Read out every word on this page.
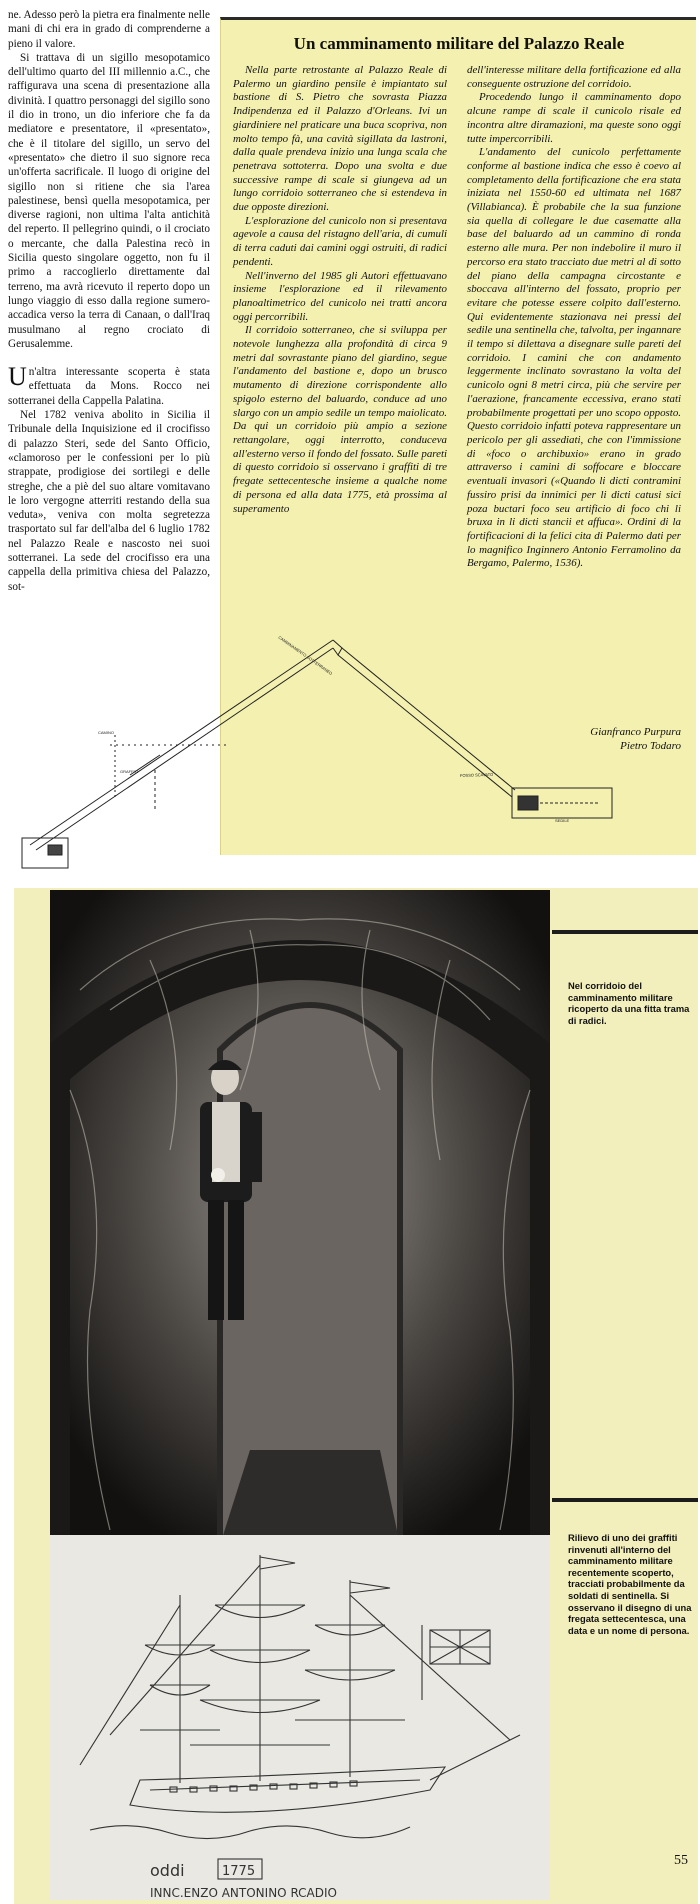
ne. Adesso però la pietra era finalmente nelle mani di chi era in grado di comprenderne a pieno il valore.

Si trattava di un sigillo mesopotamico dell'ultimo quarto del III millennio a.C., che raffigurava una scena di presentazione alla divinità. I quattro personaggi del sigillo sono il dio in trono, un dio inferiore che fa da mediatore e presentatore, il «presentato», che è il titolare del sigillo, un servo del «presentato» che dietro il suo signore reca un'offerta sacrificale. Il luogo di origine del sigillo non si ritiene che sia l'area palestinese, bensì quella mesopotamica, per diverse ragioni, non ultima l'alta antichità del reperto. Il pellegrino quindi, o il crociato o mercante, che dalla Palestina recò in Sicilia questo singolare oggetto, non fu il primo a raccoglierlo direttamente dal terreno, ma avrà ricevuto il reperto dopo un lungo viaggio di esso dalla regione sumero-accadica verso la terra di Canaan, o dall'Iraq musulmano al regno crociato di Gerusalemme.

Un'altra interessante scoperta è stata effettuata da Mons. Rocco nei sotterranei della Cappella Palatina.

Nel 1782 veniva abolito in Sicilia il Tribunale della Inquisizione ed il crocifisso di palazzo Steri, sede del Santo Officio, «clamoroso per le confessioni per lo più strappate, prodigiose dei sortilegi e delle streghe, che a piè del suo altare vomitavano le loro vergogne atterriti restando della sua veduta», veniva con molta segretezza trasportato sul far dell'alba del 6 luglio 1782 nel Palazzo Reale e nascosto nei suoi sotterranei. La sede del crocifisso era una cappella della primitiva chiesa del Palazzo, sot-

Un camminamento militare del Palazzo Reale

Nella parte retrostante al Palazzo Reale di Palermo un giardino pensile è impiantato sul bastione di S. Pietro che sovrasta Piazza Indipendenza ed il Palazzo d'Orleans. Ivi un giardiniere nel praticare una buca scoprìva, non molto tempo fà, una cavità sigillata da lastroni, dalla quale prendeva inizio una lunga scala che penetrava sottoterra. Dopo una svolta e due successive rampe di scale si giungeva ad un lungo corridoio sotterraneo che si estendeva in due opposte direzioni.

L'esplorazione del cunicolo non si presentava agevole a causa del ristagno dell'aria, di cumuli di terra caduti dai camini oggi ostruiti, di radici pendenti.

Nell'inverno del 1985 gli Autori effettuavano insieme l'esplorazione ed il rilevamento planoaltimetrico del cunicolo nei tratti ancora oggi percorribili.

Il corridoio sotterraneo, che si sviluppa per notevole lunghezza alla profondità di circa 9 metri dal sovrastante piano del giardino, segue l'andamento del bastione e, dopo un brusco mutamento di direzione corrispondente allo spigolo esterno del baluardo, conduce ad uno slargo con un ampio sedile un tempo maiolicato. Da qui un corridoio più ampio a sezione rettangolare, oggi interrotto, conduceva all'esterno verso il fondo del fossato. Sulle pareti di questo corridoio si osservano i graffiti di tre fregate settecentesche insieme a qualche nome di persona ed alla data 1775, età prossima al superamento

dell'interesse militare della fortificazione ed alla conseguente ostruzione del corridoio.

Procedendo lungo il camminamento dopo alcune rampe di scale il cunicolo risale ed incontra altre diramazioni, ma queste sono oggi tutte impercorribili.

L'andamento del cunicolo perfettamente conforme al bastione indica che esso è coevo al completamento della fortificazione che era stata iniziata nel 1550-60 ed ultimata nel 1687 (Villabianca). È probabile che la sua funzione sia quella di collegare le due casematte alla base del baluardo ad un cammino di ronda esterno alle mura. Per non indebolire il muro il percorso era stato tracciato due metri al di sotto del piano della campagna circostante e sboccava all'interno del fossato, proprio per evitare che potesse essere colpito dall'esterno. Qui evidentemente stazionava nei pressi del sedile una sentinella che, talvolta, per ingannare il tempo si dilettava a disegnare sulle pareti del corridoio. I camini che con andamento leggermente inclinato sovrastano la volta del cunicolo ogni 8 metri circa, più che servire per l'aerazione, francamente eccessiva, erano stati probabilmente progettati per uno scopo opposto. Questo corridoio infatti poteva rappresentare un pericolo per gli assediati, che con l'immissione di «foco o archibuxio» erano in grado attraverso i camini di soffocare e bloccare eventuali invasori («Quando li dicti contramini fussiro prisi da innimici per li dicti catusi sici poza buctari foco seu artificio di foco chi li bruxa in li dicti stancii et affuca». Ordini di la fortificacioni di la felici cita di Palermo dati per lo magnifico Inginnero Antonio Ferramolino da Bergamo, Palermo, 1536).

Gianfranco Purpura
Pietro Todaro
CAMMINAMENTO SOTTERRANEO
FOSSO SCAVATO
SEDILE
GRAFFITI
CAMINO
Nel corridoio del camminamento militare ricoperto da una fitta trama di radici.
oddi	1775
INNC.ENZO ANTONINO RCADIO
Rilievo di uno dei graffiti rinvenuti all'interno del camminamento militare recentemente scoperto, tracciati probabilmente da soldati di sentinella. Si osservano il disegno di una fregata settecentesca, una data e un nome di persona.
55
